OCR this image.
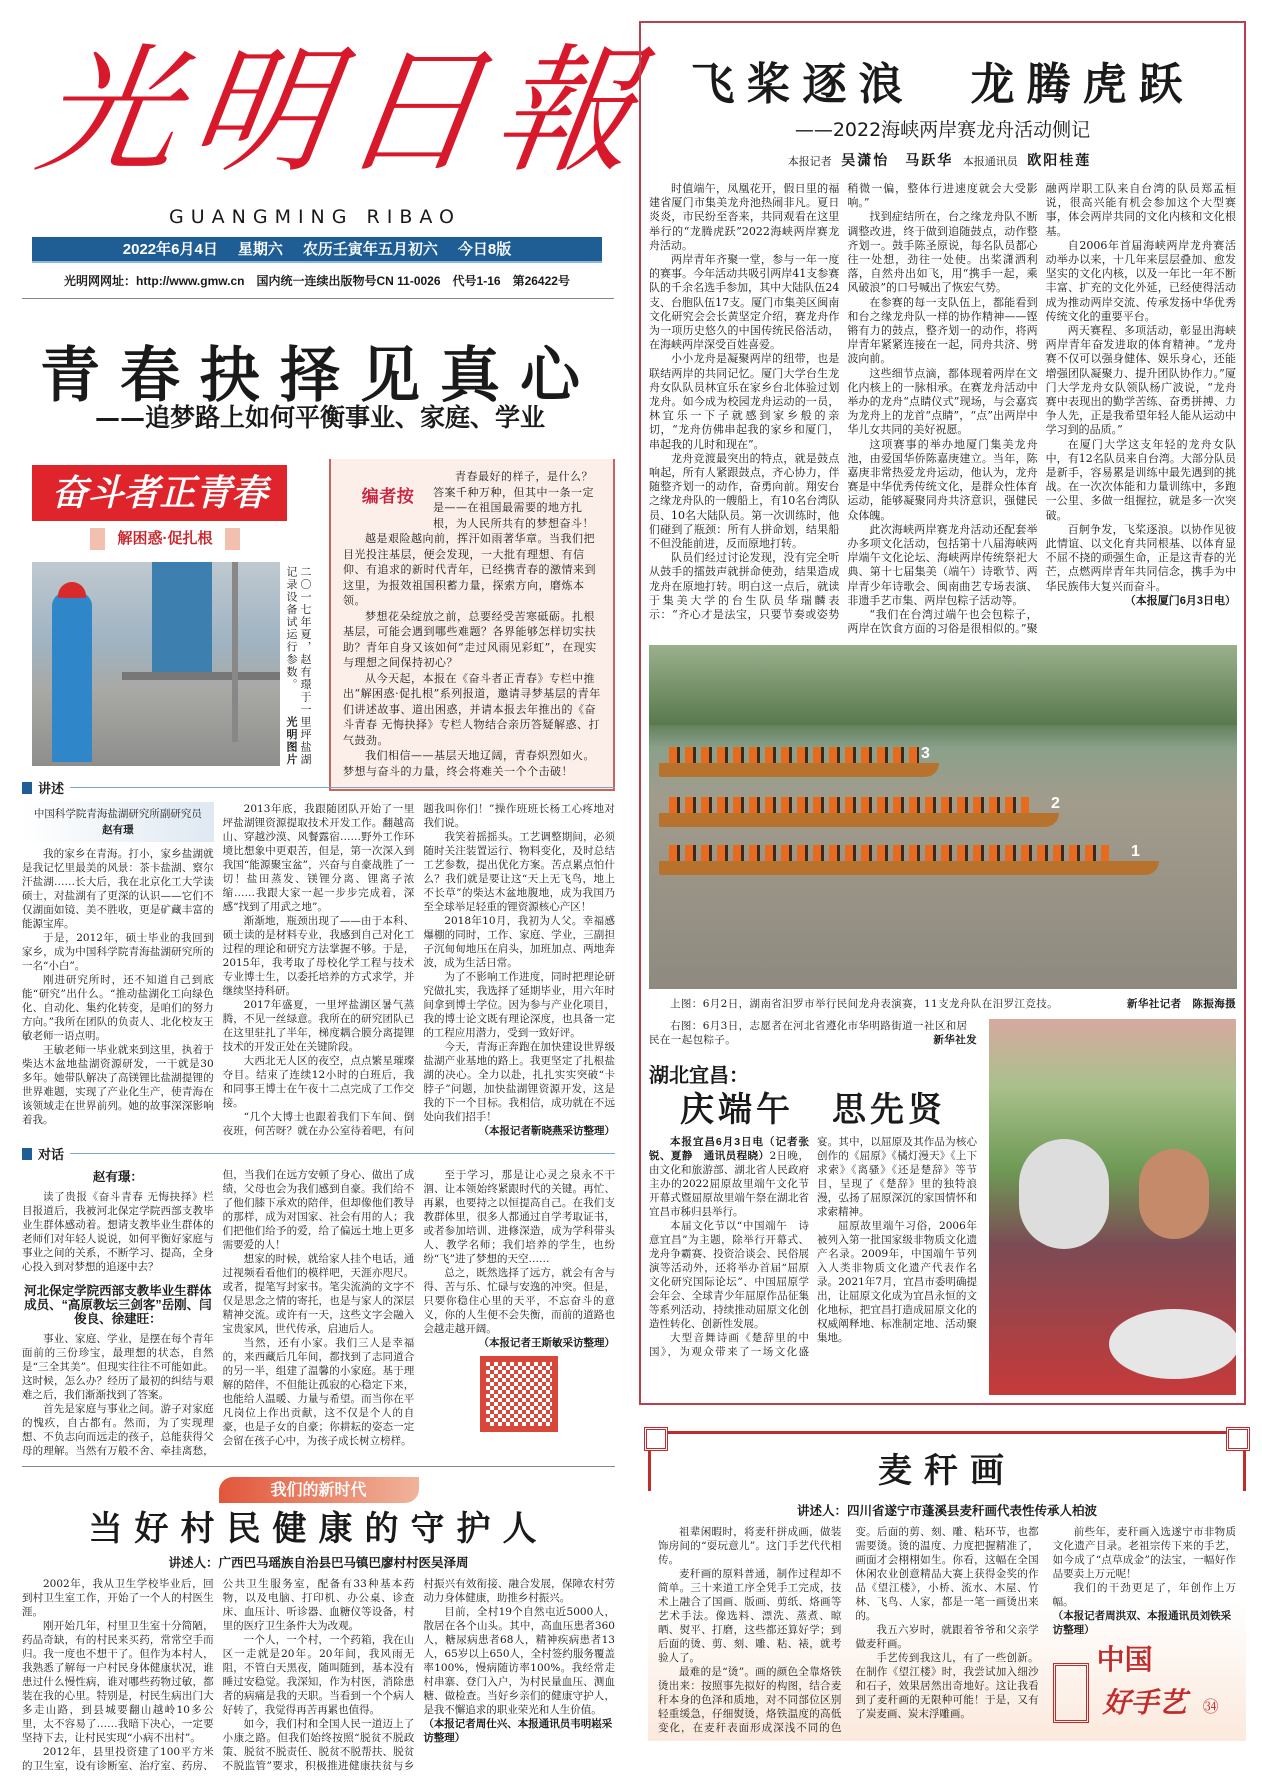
光明日報
GUANGMING RIBAO
2022年6月4日 星期六 农历壬寅年五月初六 今日8版
光明网网址：http://www.gmw.cn 国内统一连续出版物号CN 11-0026 代号1-16 第26422号
青春抉择见真心
——追梦路上如何平衡事业、家庭、学业
奋斗者正青春
解困惑·促扎根
二〇一七年夏，赵有璟于一里坪盐湖记录设备试运行参数。
光明图片
编者按

青春最好的样子，是什么？答案千种万种，但其中一条一定是——在祖国最需要的地方扎根，为人民所共有的梦想奋斗！

越是艰险越向前，挥汗如雨著华章。当我们把目光投注基层，便会发现，一大批有理想、有信仰、有追求的新时代青年，已经携青春的激情来到这里，为报效祖国积蓄力量，探索方向，磨炼本领。

梦想花朵绽放之前，总要经受苦寒砥砺。扎根基层，可能会遇到哪些难题？各界能够怎样切实扶助？青年自身又该如何“走过风雨见彩虹”，在现实与理想之间保持初心？

从今天起，本报在《奋斗者正青春》专栏中推出“解困惑·促扎根”系列报道，邀请寻梦基层的青年们讲述故事、道出困惑，并请本报去年推出的《奋斗青春 无悔抉择》专栏人物结合亲历答疑解惑、打气鼓劲。

我们相信——基层天地辽阔，青春炽烈如火。梦想与奋斗的力量，终会将难关一个个击破！

讲述
中国科学院青海盐湖研究所副研究员
赵有璟

我的家乡在青海。打小，家乡盐湖就是我记忆里最美的风景：茶卡盐湖、察尔汗盐湖……长大后，我在北京化工大学读硕士，对盐湖有了更深的认识——它们不仅湖面如镜、美不胜收，更是矿藏丰富的能源宝库。

于是，2012年，硕士毕业的我回到家乡，成为中国科学院青海盐湖研究所的一名“小白”。

刚进研究所时，还不知道自己到底能“研究”出什么。“推动盐湖化工向绿色化、自动化、集约化转变，是咱们的努力方向。”我所在团队的负责人、北化校友王敏老师一语点明。

王敏老师一毕业就来到这里，执着于柴达木盆地盐湖资源研发，一干就是30多年。她带队解决了高镁锂比盐湖提锂的世界难题，实现了产业化生产，使青海在该领域走在世界前列。她的故事深深影响着我。

2013年底，我跟随团队开始了一里坪盐湖锂资源提取技术开发工作。翻越高山、穿越沙漠、风餐露宿……野外工作环境比想象中更艰苦，但是，第一次深入到我国“能源聚宝盆”，兴奋与自豪战胜了一切！盐田蒸发、镁锂分离、锂离子浓缩……我跟大家一起一步步完成着，深感“找到了用武之地”。

渐渐地，瓶颈出现了——由于本科、硕士读的是材料专业，我感到自己对化工过程的理论和研究方法掌握不够。于是，2015年，我考取了母校化学工程与技术专业博士生，以委托培养的方式求学，并继续坚持科研。

2017年盛夏，一里坪盐湖区暑气蒸腾，不见一丝绿意。我所在的研究团队已在这里驻扎了半年，梯度耦合膜分离提锂技术的开发正处在关键阶段。

大西北无人区的夜空，点点繁星璀璨夺目。结束了连续12小时的白班后，我和同事王博士在午夜十二点完成了工作交接。

“几个大博士也跟着我们下车间、倒夜班，何苦呀？就在办公室待着吧，有问题我叫你们！”操作班班长杨工心疼地对我们说。

我笑着摇摇头。工艺调整期间，必须随时关注装置运行、物料变化，及时总结工艺参数，提出优化方案。苦点累点怕什么？我们就是要让这“天上无飞鸟，地上不长草”的柴达木盆地腹地，成为我国乃至全球举足轻重的锂资源核心产区！

2018年10月，我初为人父。幸福感爆棚的同时，工作、家庭、学业，三副担子沉甸甸地压在肩头，加班加点、两地奔波，成为生活日常。

为了不影响工作进度，同时把理论研究做扎实，我选择了延期毕业，用六年时间拿到博士学位。因为参与产业化项目，我的博士论文既有理论深度，也具备一定的工程应用潜力，受到一致好评。

今天，青海正奔跑在加快建设世界级盐湖产业基地的路上。我更坚定了扎根盐湖的决心。全力以赴，扎扎实实突破“卡脖子”问题，加快盐湖锂资源开发，这是我的下一个目标。我相信，成功就在不远处向我们招手！

（本报记者靳晓燕采访整理）

对话

赵有璟：

读了贵报《奋斗青春 无悔抉择》栏目报道后，我被河北保定学院西部支教毕业生群体感动着。想请支教毕业生群体的老师们对年轻人说说，如何平衡好家庭与事业之间的关系，不断学习、提高，全身心投入到对梦想的追逐中去？

河北保定学院西部支教毕业生群体成员、“高原教坛三剑客”岳刚、闫俊良、徐建旺：

事业、家庭、学业，是摆在每个青年面前的三份珍宝，最理想的状态，自然是“三全其美”。但现实往往不可能如此。这时候，怎么办？经历了最初的纠结与艰难之后，我们渐渐找到了答案。

首先是家庭与事业之间。游子对家庭的愧疚，自古都有。然而，为了实现理想、不负志向而远走的孩子，总能获得父母的理解。当然有万般不舍、牵挂离愁，但，当我们在远方安顿了身心、做出了成绩，父母也会为我们感到自豪。我们给不了他们膝下承欢的陪伴，但却像他们教导的那样，成为对国家、社会有用的人；我们把他们给予的爱，给了偏远土地上更多需要爱的人！

想家的时候，就给家人挂个电话，通过视频看看他们的模样吧，天涯亦咫尺。或者，提笔写封家书。笔尖流淌的文字不仅是思念之情的寄托，也是与家人的深层精神交流。或许有一天，这些文字会融入宝贵家风，世代传承，启迪后人。

当然，还有小家。我们三人是幸福的，来西藏后几年间，都找到了志同道合的另一半，组建了温馨的小家庭。基于理解的陪伴，不但能让孤寂的心稳定下来，也能给人温暖、力量与希望。而当你在平凡岗位上作出贡献，这不仅是个人的自豪，也是子女的自豪；你耕耘的姿态一定会留在孩子心中，为孩子成长树立榜样。

至于学习，那是让心灵之泉永不干涸、让本领始终紧跟时代的关键。再忙、再累，也要持之以恒提高自己。在我们支教群体里，很多人都通过自学考取证书，或者参加培训、进修深造，成为学科带头人、教学名师；我们培养的学生，也纷纷“飞”进了梦想的天空……

总之，既然选择了远方，就会有舍与得、苦与乐、忙碌与安逸的冲突。但是，只要你稳住心里的天平，不忘奋斗的意义，你的人生便不会失衡，而前的道路也会越走越开阔。

（本报记者王斯敏采访整理）

我们的新时代
当好村民健康的守护人
讲述人：广西巴马瑶族自治县巴马镇巴廖村村医吴泽周

2002年，我从卫生学校毕业后，回到村卫生室工作，开始了一个人的村医生涯。

刚开始几年，村里卫生室十分简陋，药品奇缺，有的村民来买药，常常空手而归。我一度也不想干了。但作为本村人，我熟悉了解每一户村民身体健康状况，谁患过什么慢性病，谁对哪些药物过敏，都装在我的心里。特别是，村民生病出门大多走山路，到县城要翻山越岭10多公里，太不容易了……我暗下决心，一定要坚持下去，让村民实现“小病不出村”。

2012年，县里投资建了100平方米的卫生室，设有诊断室、治疗室、药房、公共卫生服务室，配备有33种基本药物，以及电脑、打印机、办公桌、诊查床、血压计、听诊器、血糖仪等设备，村里的医疗卫生条件大为改观。

一个人，一个村，一个药箱，我在山区一走就是20年。20年间，我风雨无阻，不管白天黑夜，随叫随到，基本没有睡过安稳觉。我深知，作为村医，消除患者的病痛是我的天职。当看到一个个病人好转了，我觉得再苦再累也值得。

如今，我们村和全国人民一道迈上了小康之路。但我们始终按照“脱贫不脱政策、脱贫不脱责任、脱贫不脱帮扶、脱贫不脱监管”要求，积极推进健康扶贫与乡村振兴有效衔接、融合发展，保障农村劳动力身体健康，助推乡村振兴。

目前，全村19个自然屯近5000人，散居在各个山头。其中，高血压患者360人，糖尿病患者68人，精神疾病患者13人，65岁以上650人，全村签约服务覆盖率100%，慢病随访率100%。我经常走村串寨、登门入户，为村民量血压、测血糖、做检查。当好乡亲们的健康守护人，是我不懈追求的职业荣光和人生价值。

（本报记者周仕兴、本报通讯员韦明崧采访整理）

飞桨逐浪　龙腾虎跃
——2022海峡两岸赛龙舟活动侧记
本报记者 吴潇怡　马跃华 本报通讯员 欧阳桂莲

时值端午，凤凰花开，假日里的福建省厦门市集美龙舟池热闹非凡。夏日炎炎，市民纷至沓来，共同观看在这里举行的“龙腾虎跃”2022海峡两岸赛龙舟活动。

两岸青年齐聚一堂，参与一年一度的赛事。今年活动共吸引两岸41支参赛队的千余名选手参加，其中大陆队伍24支、台胞队伍17支。厦门市集美区闽南文化研究会会长黄坚定介绍，赛龙舟作为一项历史悠久的中国传统民俗活动，在海峡两岸深受百姓喜爱。

小小龙舟是凝聚两岸的纽带，也是联结两岸的共同记忆。厦门大学台生龙舟女队队员林宜乐在家乡台北体验过划龙舟。如今成为校园龙舟运动的一员，林宜乐一下子就感到家乡般的亲切，“龙舟仿佛串起我的家乡和厦门，串起我的儿时和现在”。

龙舟竞渡最突出的特点，就是鼓点响起，所有人紧跟鼓点，齐心协力，伴随整齐划一的动作，奋勇向前。翔安台之缘龙舟队的一艘船上，有10名台湾队员、10名大陆队员。第一次训练时，他们碰到了瓶颈：所有人拼命划，结果船不但没能前进，反而原地打转。

队员们经过讨论发现，没有完全听从鼓手的擂鼓声就拼命使劲，结果造成龙舟在原地打转。明白这一点后，就读于集美大学的台生队员华瑞麟表示：“齐心才是法宝，只要节奏或姿势稍微一偏，整体行进速度就会大受影响。”

找到症结所在，台之缘龙舟队不断调整改进，终于做到追随鼓点，动作整齐划一。鼓手陈圣原说，每名队员都心往一处想，劲往一处使。出桨潇洒利落，自然舟出如飞，用“携手一起，乘风破浪”的口号喊出了恢宏气势。

在参赛的每一支队伍上，都能看到和台之缘龙舟队一样的协作精神——铿锵有力的鼓点，整齐划一的动作，将两岸青年紧紧连接在一起，同舟共济、劈波向前。

这些细节点滴，都体现着两岸在文化内核上的一脉相承。在赛龙舟活动中举办的龙舟“点睛仪式”现场，与会嘉宾为龙舟上的龙首“点睛”，“点”出两岸中华儿女共同的美好祝愿。

这项赛事的举办地厦门集美龙舟池，由爱国华侨陈嘉庚建立。当年，陈嘉庚非常热爱龙舟运动，他认为，龙舟赛是中华优秀传统文化，是群众性体育运动，能够凝聚同舟共济意识，强健民众体魄。

此次海峡两岸赛龙舟活动还配套举办多项文化活动，包括第十八届海峡两岸端午文化论坛、海峡两岸传统祭祀大典、第十七届集美（端午）诗歌节、两岸青少年诗歌会、闽南曲艺专场表演、非遗手艺市集、两岸包粽子活动等。

“我们在台湾过端午也会包粽子，两岸在饮食方面的习俗是很相似的。”聚融两岸职工队来自台湾的队员郑孟桓说，很高兴能有机会参加这个大型赛事，体会两岸共同的文化内核和文化根基。

自2006年首届海峡两岸龙舟赛活动举办以来，十几年来层层叠加、愈发坚实的文化内核，以及一年比一年不断丰富、扩充的文化外延，已经使得活动成为推动两岸交流、传承发扬中华优秀传统文化的重要平台。

两天赛程、多项活动，彰显出海峡两岸青年奋发进取的体育精神。“龙舟赛不仅可以强身健体、娱乐身心，还能增强团队凝聚力、提升团队协作力。”厦门大学龙舟女队领队杨广波说，“龙舟赛中表现出的勤学苦练、奋勇拼搏、力争人先，正是我希望年轻人能从运动中学习到的品质。”

在厦门大学这支年轻的龙舟女队中，有12名队员来自台湾。大部分队员是新手，容易累是训练中最先遇到的挑战。在一次次体能和力量训练中，多跑一公里、多做一组握拉，就是多一次突破。

百舸争发，飞桨逐浪。以协作见彼此情谊、以文化育共同根基、以体育显不屈不挠的顽强生命，正是这青春的光芒，点燃两岸青年共同信念，携手为中华民族伟大复兴而奋斗。

（本报厦门6月3日电）

3
2
1
上图：6月2日，湖南省汨罗市举行民间龙舟表演赛，11支龙舟队在汨罗江竞技。	新华社记者　陈振海摄
右图：6月3日，志愿者在河北省遵化市华明路街道一社区和居民在一起包粽子。	新华社发
湖北宜昌：
庆端午　思先贤

本报宜昌6月3日电（记者张锐、夏静　通讯员程晓）2日晚，由文化和旅游部、湖北省人民政府主办的2022屈原故里端午文化节开幕式暨屈原故里端午祭在湖北省宜昌市秭归县举行。

本届文化节以“中国端午　诗意宜昌”为主题，除举行开幕式、龙舟争霸赛、投资洽谈会、民俗展演等活动外，还将举办首届“屈原文化研究国际论坛”、中国屈原学会年会、全球青少年屈原作品征集等系列活动，持续推动屈原文化创造性转化、创新性发展。

大型音舞诗画《楚辞里的中国》，为观众带来了一场文化盛宴。其中，以屈原及其作品为核心创作的《屈原》《橘灯漫天》《上下求索》《离骚》《还是楚辞》等节目，呈现了《楚辞》里的独特浪漫，弘扬了屈原深沉的家国情怀和求索精神。

屈原故里端午习俗，2006年被列入第一批国家级非物质文化遗产名录。2009年，中国端午节列入人类非物质文化遗产代表作名录。2021年7月，宜昌市委明确提出，让屈原文化成为宜昌永恒的文化地标，把宜昌打造成屈原文化的权威阐释地、标准制定地、活动聚集地。

麦秆画
讲述人：四川省遂宁市蓬溪县麦秆画代表性传承人柏波

祖辈闲暇时，将麦秆拼成画，做装饰房间的“耍玩意儿”。这门手艺代代相传。

麦秆画的原料普通，制作过程却不简单。三十来道工序全凭手工完成，技术上融合了国画、版画、剪纸、烙画等艺术手法。像选料、漂洗、蒸煮、晾晒、熨平、打磨，这些都还算好学；到后面的烫、剪、刻、雕、粘、裱，就考验人了。

最难的是“烫”。画的颜色全靠烙铁烫出来：按照事先拟好的构图，结合麦秆本身的色泽和质地，对不同部位区别轻重缓急，仔细熨烫，烙铁温度的高低变化，在麦秆表面形成深浅不同的色变。后面的剪、刻、雕、粘环节，也都需要烫。烫的温度、力度把握精准了，画面才会栩栩如生。你看，这幅在全国休闲农业创意精品大赛上获得金奖的作品《望江楼》，小桥、流水、木屋、竹林、飞鸟、人家，都是一笔一画烫出来的。

我五六岁时，就跟着爷爷和父亲学做麦秆画。

手艺传到我这儿，有了一些创新。在制作《望江楼》时，我尝试加入细沙和石子，效果居然出奇地好。这让我看到了麦秆画的无限种可能！于是，又有了炭麦画、炭末浮雕画。

前些年，麦秆画入选遂宁市非物质文化遗产目录。老祖宗传下来的手艺，如今成了“点草成金”的法宝，一幅好作品要卖上万元呢！

我们的干劲更足了，年创作上万幅。

（本报记者周洪双、本报通讯员刘铁采访整理）

中国
好手艺 ㉞
